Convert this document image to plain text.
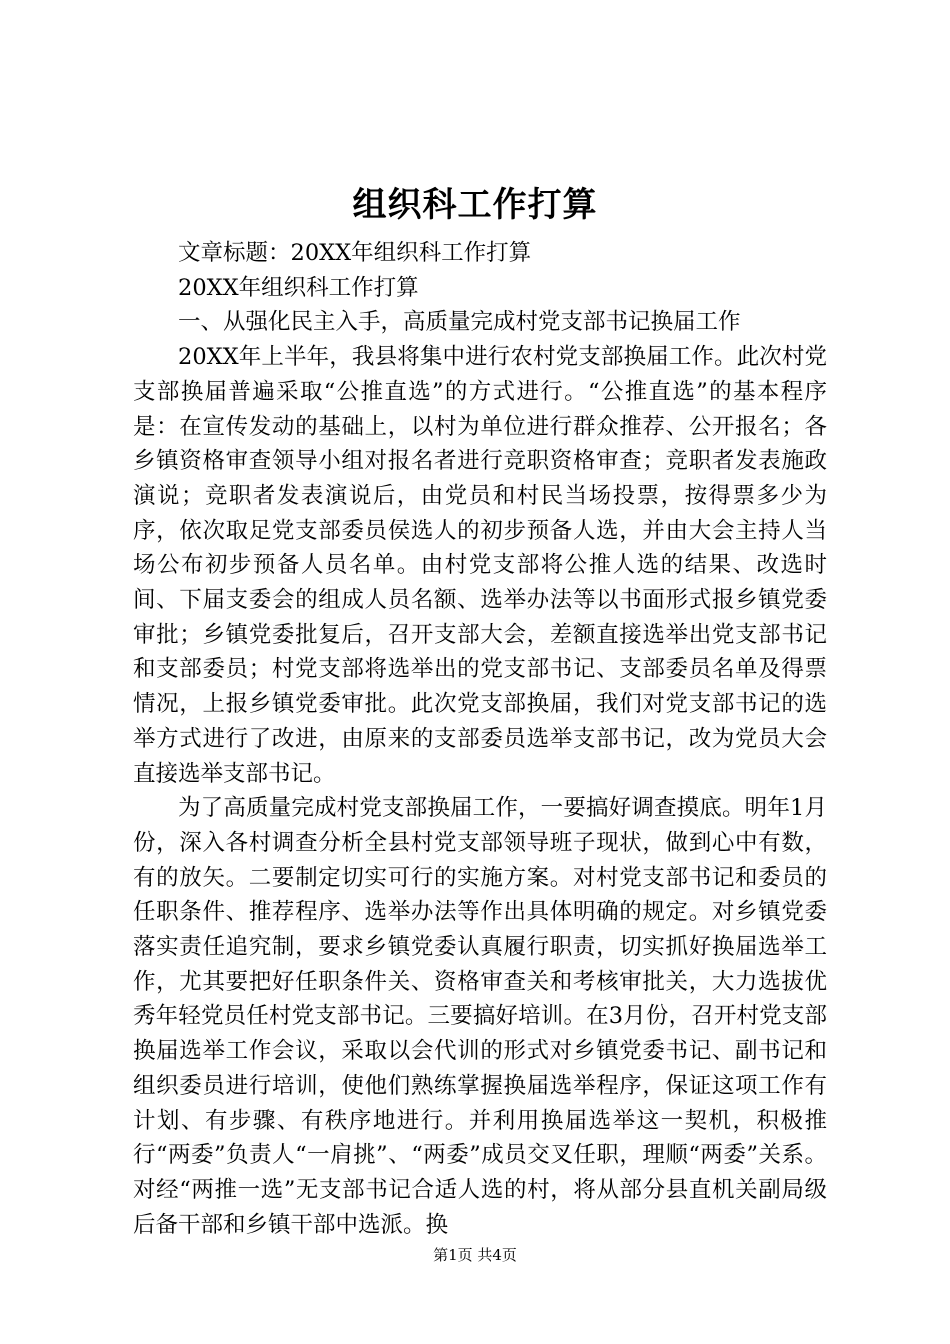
组织科工作打算

文章标题：20XX年组织科工作打算

20XX年组织科工作打算

一、从强化民主入手，高质量完成村党支部书记换届工作

20XX年上半年，我县将集中进行农村党支部换届工作。此次村党支部换届普遍采取“公推直选”的方式进行。“公推直选”的基本程序是：在宣传发动的基础上，以村为单位进行群众推荐、公开报名；各乡镇资格审查领导小组对报名者进行竞职资格审查；竞职者发表施政演说；竞职者发表演说后，由党员和村民当场投票，按得票多少为序，依次取足党支部委员侯选人的初步预备人选，并由大会主持人当场公布初步预备人员名单。由村党支部将公推人选的结果、改选时间、下届支委会的组成人员名额、选举办法等以书面形式报乡镇党委审批；乡镇党委批复后，召开支部大会，差额直接选举出党支部书记和支部委员；村党支部将选举出的党支部书记、支部委员名单及得票情况，上报乡镇党委审批。此次党支部换届，我们对党支部书记的选举方式进行了改进，由原来的支部委员选举支部书记，改为党员大会直接选举支部书记。

为了高质量完成村党支部换届工作，一要搞好调查摸底。明年1月份，深入各村调查分析全县村党支部领导班子现状，做到心中有数，有的放矢。二要制定切实可行的实施方案。对村党支部书记和委员的任职条件、推荐程序、选举办法等作出具体明确的规定。对乡镇党委落实责任追究制，要求乡镇党委认真履行职责，切实抓好换届选举工作，尤其要把好任职条件关、资格审查关和考核审批关，大力选拔优秀年轻党员任村党支部书记。三要搞好培训。在3月份，召开村党支部换届选举工作会议，采取以会代训的形式对乡镇党委书记、副书记和组织委员进行培训，使他们熟练掌握换届选举程序，保证这项工作有计划、有步骤、有秩序地进行。并利用换届选举这一契机，积极推行“两委”负责人“一肩挑”、“两委”成员交叉任职，理顺“两委”关系。对经“两推一选”无支部书记合适人选的村，将从部分县直机关副局级后备干部和乡镇干部中选派。换

第1页 共4页
